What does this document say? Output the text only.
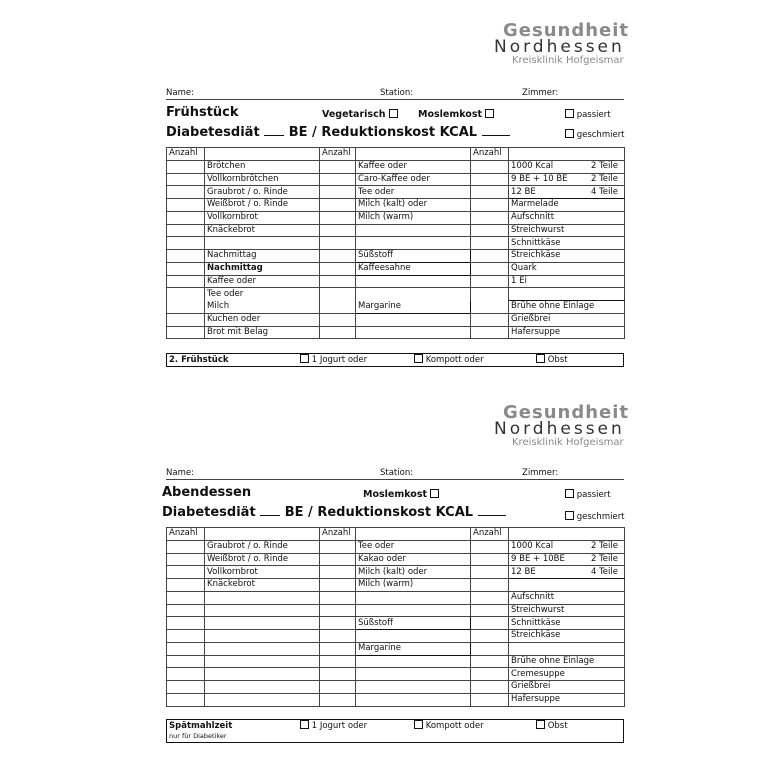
Gesundheit
Nordhessen
Kreisklinik Hofgeismar
Name:	Station:	Zimmer:
Frühstück	Vegetarisch	Moslemkost	passiert
Diabetesdiät BE / Reduktionskost KCAL	geschmiert
Anzahl		Anzahl		Anzahl	
	Brötchen		Kaffee oder		1000 Kcal 2 Teile

	Vollkornbrötchen		Caro-Kaffee oder		9 BE + 10 BE 2 Teile

	Graubrot / o. Rinde		Tee oder		12 BE 4 Teile

	Weißbrot / o. Rinde		Milch (kalt) oder		Marmelade
	Vollkornbrot		Milch (warm)		Aufschnitt
	Knäckebrot				Streichwurst
					Schnittkäse
	Nachmittag		Süßstoff		Streichkäse
	Nachmittag		Kaffeesahne		Quark
	Kaffee oder				1 Ei
	Tee oder				
	Milch		Margarine		Brühe ohne Einlage
	Kuchen oder				Grießbrei
	Brot mit Belag				Hafersuppe
2. Frühstück	1 Jogurt oder	Kompott oder	Obst
Gesundheit
Nordhessen
Kreisklinik Hofgeismar
Name:	Station:	Zimmer:
Abendessen	Moslemkost	passiert
Diabetesdiät BE / Reduktionskost KCAL	geschmiert
Anzahl		Anzahl		Anzahl	
	Graubrot / o. Rinde		Tee oder		1000 Kcal 2 Teile

	Weißbrot / o. Rinde		Kakao oder		9 BE + 10BE 2 Teile

	Vollkornbrot		Milch (kalt) oder		12 BE 4 Teile

	Knäckebrot		Milch (warm)		
					Aufschnitt
					Streichwurst
			Süßstoff		Schnittkäse
					Streichkäse
			Margarine		
					Brühe ohne Einlage
					Cremesuppe
					Grießbrei
					Hafersuppe
Spätmahlzeit
nur für Diabetiker
1 Jogurt oder	Kompott oder	Obst
